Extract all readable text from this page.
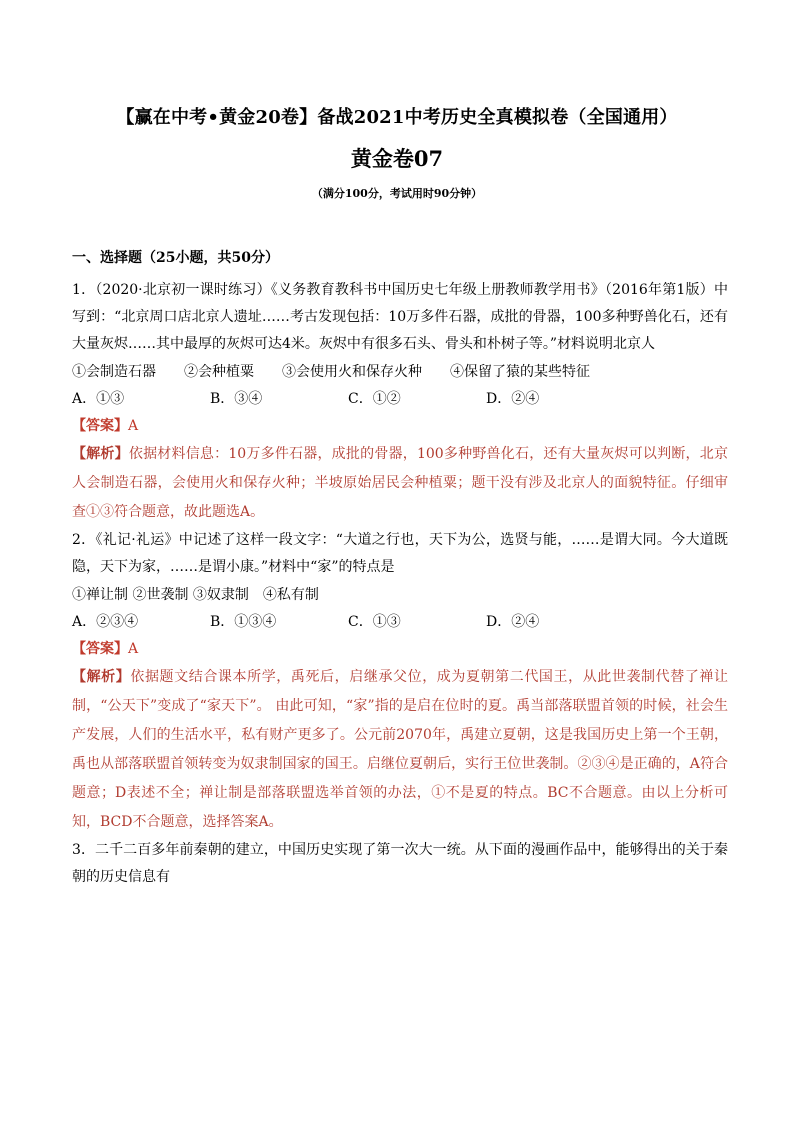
【赢在中考•黄金20卷】备战2021中考历史全真模拟卷（全国通用）
黄金卷07
（满分100分，考试用时90分钟）
一、选择题（25小题，共50分）

1．（2020·北京初一课时练习）《义务教育教科书中国历史七年级上册教师教学用书》（2016年第1版）中写到：“北京周口店北京人遗址……考古发现包括：10万多件石器，成批的骨器，100多种野兽化石，还有大量灰烬……其中最厚的灰烬可达4米。灰烬中有很多石头、骨头和朴树子等。”材料说明北京人

①会制造石器　　②会种植粟　　③会使用火和保存火种　　④保留了猿的某些特征
A．①③	B．③④	C．①②	D．②④
【答案】A
【解析】依据材料信息：10万多件石器，成批的骨器，100多种野兽化石，还有大量灰烬可以判断，北京人会制造石器，会使用火和保存火种；半坡原始居民会种植粟；题干没有涉及北京人的面貌特征。仔细审查①③符合题意，故此题选A。

2．《礼记·礼运》中记述了这样一段文字：“大道之行也，天下为公，选贤与能，……是谓大同。今大道既隐，天下为家，……是谓小康。”材料中“家”的特点是

①禅让制 ②世袭制 ③奴隶制　④私有制
A．②③④	B．①③④	C．①③	D．②④
【答案】A
【解析】依据题文结合课本所学，禹死后，启继承父位，成为夏朝第二代国王，从此世袭制代替了禅让制，“公天下”变成了“家天下”。 由此可知，“家”指的是启在位时的夏。禹当部落联盟首领的时候，社会生产发展，人们的生活水平，私有财产更多了。公元前2070年，禹建立夏朝，这是我国历史上第一个王朝，禹也从部落联盟首领转变为奴隶制国家的国王。启继位夏朝后，实行王位世袭制。②③④是正确的，A符合题意；D表述不全；禅让制是部落联盟选举首领的办法，①不是夏的特点。BC不合题意。由以上分析可知，BCD不合题意，选择答案A。

3．二千二百多年前秦朝的建立，中国历史实现了第一次大一统。从下面的漫画作品中，能够得出的关于秦朝的历史信息有
